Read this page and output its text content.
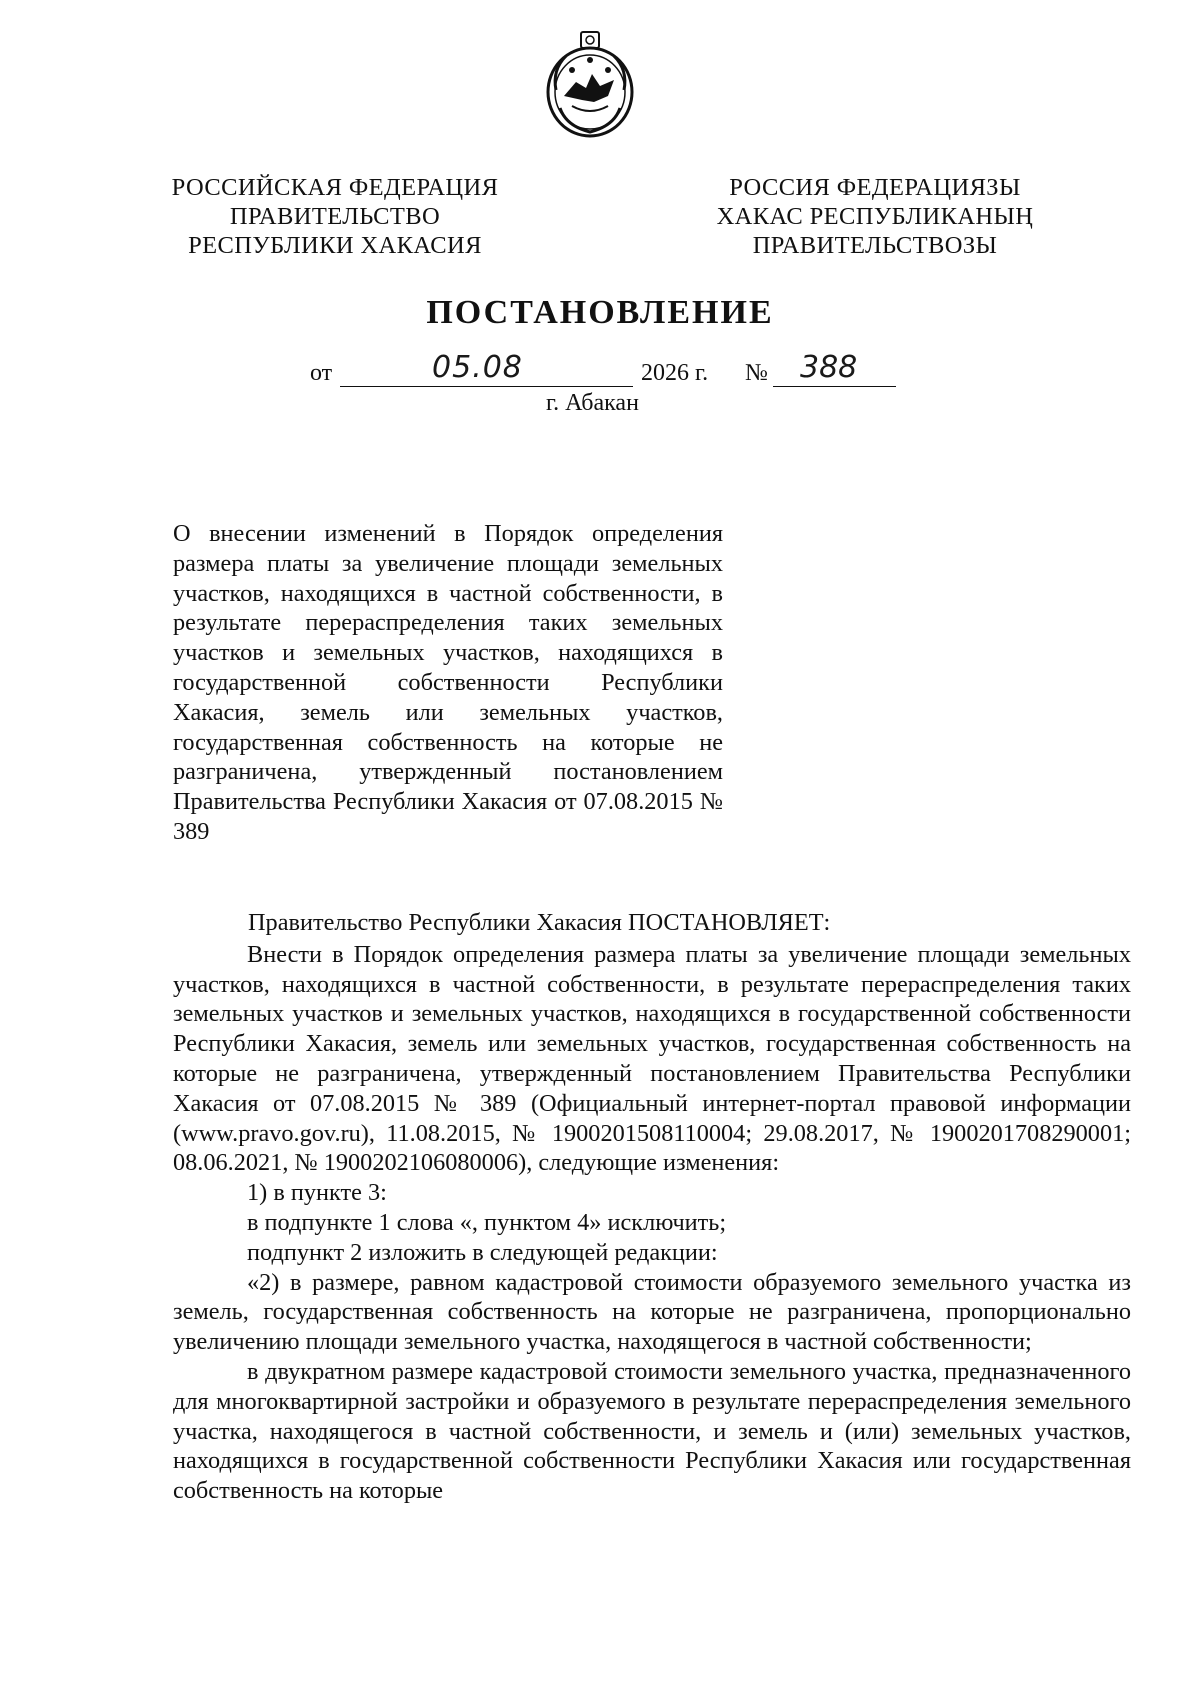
РОССИЙСКАЯ ФЕДЕРАЦИЯ
ПРАВИТЕЛЬСТВО
РЕСПУБЛИКИ ХАКАСИЯ
РОССИЯ ФЕДЕРАЦИЯЗЫ
ХАКАС РЕСПУБЛИКАНЫҢ
ПРАВИТЕЛЬСТВОЗЫ
ПОСТАНОВЛЕНИЕ
от	05.08	2026 г. № 388
г. Абакан
О внесении изменений в Порядок определения размера платы за увеличение площади земельных участков, находящихся в частной собственности, в результате перераспределения таких земельных участков и земельных участков, находящихся в государственной собственности Республики Хакасия, земель или земельных участков, государственная собственность на которые не разграничена, утвержденный постановлением Правительства Республики Хакасия от 07.08.2015 № 389

Правительство Республики Хакасия ПОСТАНОВЛЯЕТ:

Внести в Порядок определения размера платы за увеличение площади земельных участков, находящихся в частной собственности, в результате перераспределения таких земельных участков и земельных участков, находящихся в государственной собственности Республики Хакасия, земель или земельных участков, государственная собственность на которые не разграничена, утвержденный постановлением Правительства Республики Хакасия от 07.08.2015 № 389 (Официальный интернет-портал правовой информации (www.pravo.gov.ru), 11.08.2015, № 1900201508110004; 29.08.2017, № 1900201708290001; 08.06.2021, № 1900202106080006), следующие изменения:

1) в пункте 3:

в подпункте 1 слова «, пунктом 4» исключить;

подпункт 2 изложить в следующей редакции:

«2) в размере, равном кадастровой стоимости образуемого земельного участка из земель, государственная собственность на которые не разграничена, пропорционально увеличению площади земельного участка, находящегося в частной собственности;

в двукратном размере кадастровой стоимости земельного участка, предназначенного для многоквартирной застройки и образуемого в результате перераспределения земельного участка, находящегося в частной собственности, и земель и (или) земельных участков, находящихся в государственной собственности Республики Хакасия или государственная собственность на которые
